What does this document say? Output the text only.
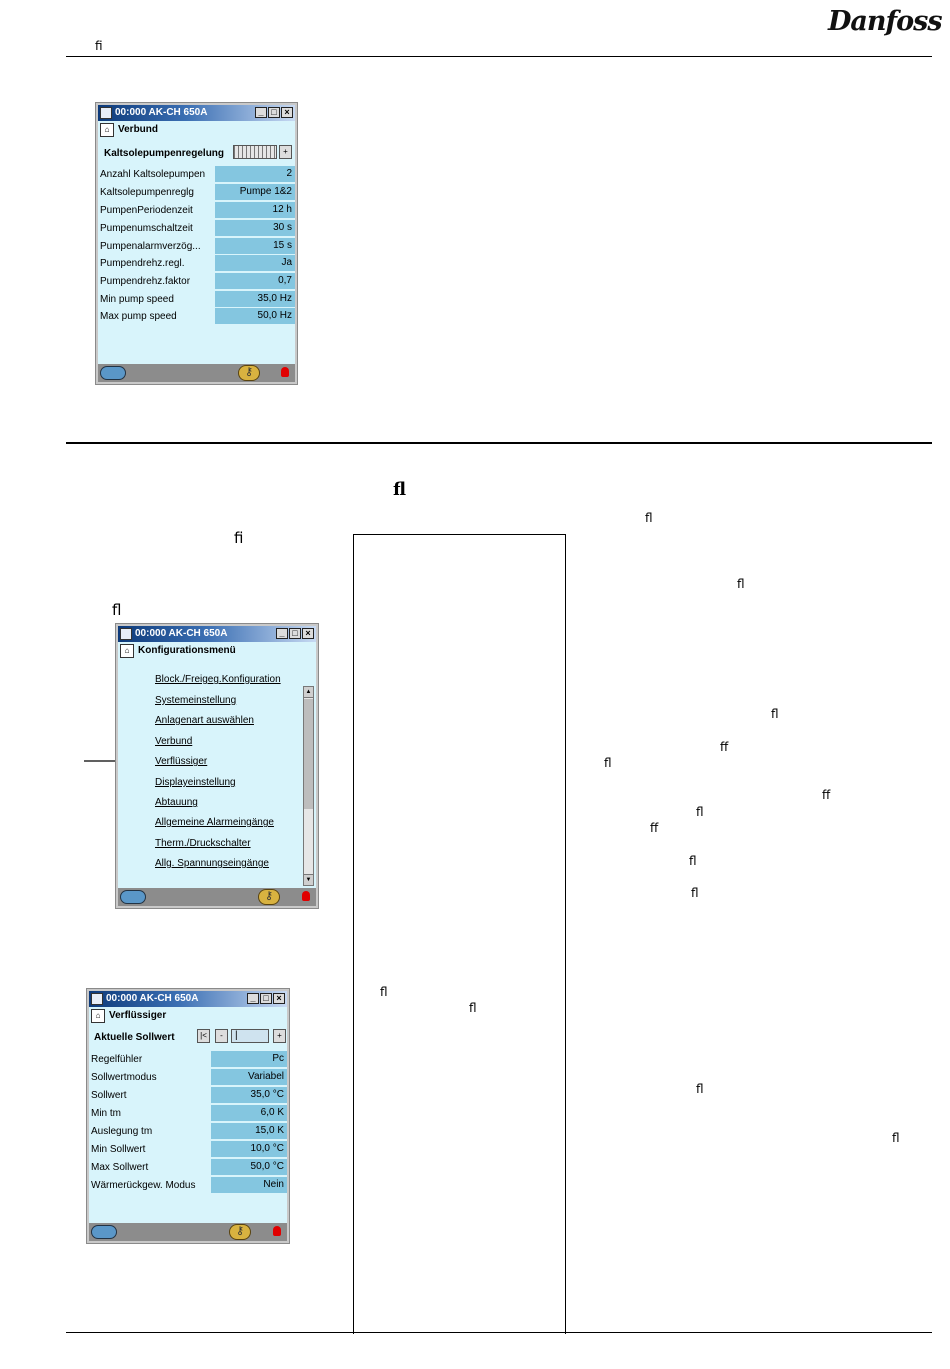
Danfoss
ﬁ
00:000 AK-CH 650A	_ □ ×
⌂ Verbund
Kaltsolepumpenregelung	+
Anzahl Kaltsolepumpen	2
Kaltsolepumpenreglg	Pumpe 1&2
PumpenPeriodenzeit	12 h
Pumpenumschaltzeit	30 s
Pumpenalarmverzög...	15 s
Pumpendrehz.regl.	Ja
Pumpendrehz.faktor	0,7
Min pump speed	35,0 Hz
Max pump speed	50,0 Hz
⚷
ﬂ
ﬁ
ﬂ
ﬂ
ﬂ
ﬂ
ﬂ
ﬂ
ﬀ
ﬂ
ﬀ
ﬂ
ﬀ
ﬂ
ﬂ
ﬂ
ﬂ
00:000 AK-CH 650A	_ □ ×
⌂ Konfigurationsmenü
Block./Freigeg.Konfiguration
Systemeinstellung
Anlagenart auswählen
Verbund
Verflüssiger
Displayeinstellung
Abtauung
Allgemeine Alarmeingänge
Therm./Druckschalter
Allg. Spannungseingänge
▲
▼
⚷
00:000 AK-CH 650A	_ □ ×
⌂ Verflüssiger
Aktuelle Sollwert	|<	-	|	+
Regelfühler	Pc
Sollwertmodus	Variabel
Sollwert	35,0 °C
Min tm	6,0 K
Auslegung tm	15,0 K
Min Sollwert	10,0 °C
Max Sollwert	50,0 °C
Wärmerückgew. Modus	Nein
⚷
